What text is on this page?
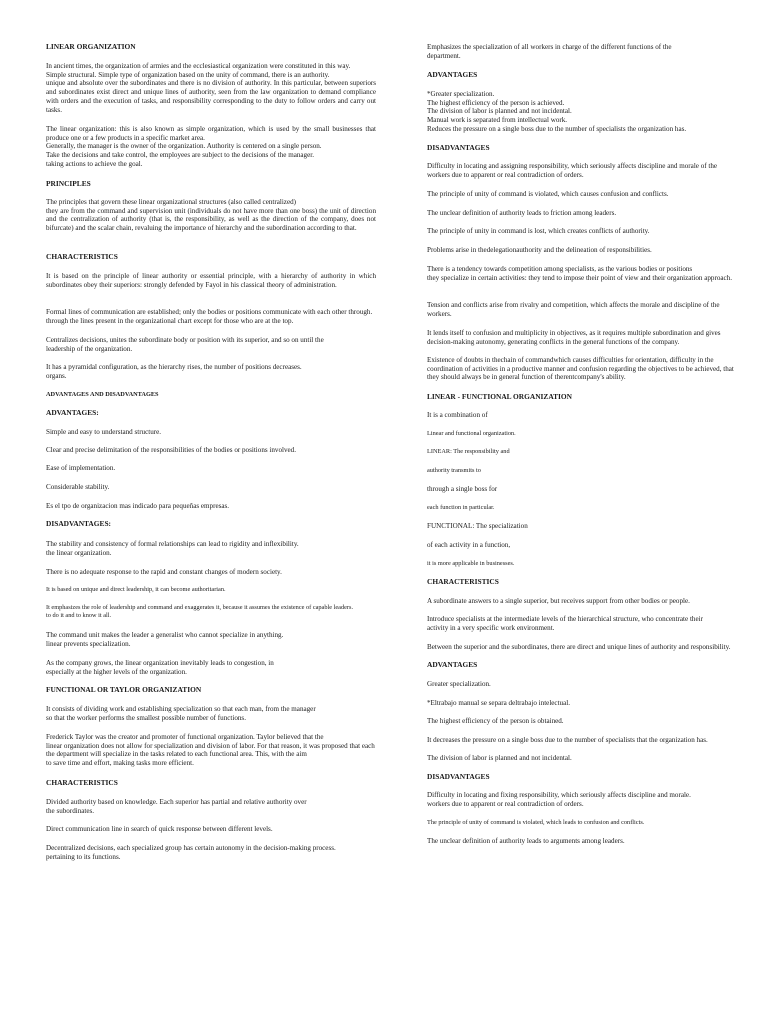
LINEAR ORGANIZATION
In ancient times, the organization of armies and the ecclesiastical organization were constituted in this way.
Simple structural. Simple type of organization based on the unity of command, there is an authority.
unique and absolute over the subordinates and there is no division of authority. In this particular, between superiors and subordinates exist direct and unique lines of authority, seen from the law organization to demand compliance with orders and the execution of tasks, and responsibility corresponding to the duty to follow orders and carry out tasks.
The linear organization: this is also known as simple organization, which is used by the small businesses that produce one or a few products in a specific market area.
Generally, the manager is the owner of the organization. Authority is centered on a single person.
Take the decisions and take control, the employees are subject to the decisions of the manager.
taking actions to achieve the goal.
PRINCIPLES
The principles that govern these linear organizational structures (also called centralized)
they are from the command and supervision unit (individuals do not have more than one boss) the unit of direction and the centralization of authority (that is, the responsibility, as well as the direction of the company, does not bifurcate) and the scalar chain, revaluing the importance of hierarchy and the subordination according to that.
CHARACTERISTICS
It is based on the principle of linear authority or essential principle, with a hierarchy of authority in which subordinates obey their superiors: strongly defended by Fayol in his classical theory of administration.
Formal lines of communication are established; only the bodies or positions communicate with each other through.
through the lines present in the organizational chart except for those who are at the top.
Centralizes decisions, unites the subordinate body or position with its superior, and so on until the
leadership of the organization.
It has a pyramidal configuration, as the hierarchy rises, the number of positions decreases.
organs.
ADVANTAGES AND DISADVANTAGES
ADVANTAGES:
Simple and easy to understand structure.
Clear and precise delimitation of the responsibilities of the bodies or positions involved.
Ease of implementation.
Considerable stability.
Es el tpo de organizacion mas indicado para pequeñas empresas.
DISADVANTAGES:
The stability and consistency of formal relationships can lead to rigidity and inflexibility.
the linear organization.
There is no adequate response to the rapid and constant changes of modern society.
It is based on unique and direct leadership, it can become authoritarian.
It emphasizes the role of leadership and command and exaggerates it, because it assumes the existence of capable leaders.
to do it and to know it all.
The command unit makes the leader a generalist who cannot specialize in anything.
linear prevents specialization.
As the company grows, the linear organization inevitably leads to congestion, in
especially at the higher levels of the organization.
FUNCTIONAL OR TAYLOR ORGANIZATION
It consists of dividing work and establishing specialization so that each man, from the manager
so that the worker performs the smallest possible number of functions.
Frederick Taylor was the creator and promoter of functional organization. Taylor believed that the
linear organization does not allow for specialization and division of labor. For that reason, it was proposed that each
the department will specialize in the tasks related to each functional area. This, with the aim
to save time and effort, making tasks more efficient.
CHARACTERISTICS
Divided authority based on knowledge. Each superior has partial and relative authority over
the subordinates.
Direct communication line in search of quick response between different levels.
Decentralized decisions, each specialized group has certain autonomy in the decision-making process.
pertaining to its functions.
Emphasizes the specialization of all workers in charge of the different functions of the
department.
ADVANTAGES
*Greater specialization.
The highest efficiency of the person is achieved.
The division of labor is planned and not incidental.
Manual work is separated from intellectual work.
Reduces the pressure on a single boss due to the number of specialists the organization has.
DISADVANTAGES
Difficulty in locating and assigning responsibility, which seriously affects discipline and morale of the workers due to apparent or real contradiction of orders.
The principle of unity of command is violated, which causes confusion and conflicts.
The unclear definition of authority leads to friction among leaders.
The principle of unity in command is lost, which creates conflicts of authority.
Problems arise in thedelegationauthority and the delineation of responsibilities.
There is a tendency towards competition among specialists, as the various bodies or positions
they specialize in certain activities: they tend to impose their point of view and their organization approach.
Tension and conflicts arise from rivalry and competition, which affects the morale and discipline of the workers.
It lends itself to confusion and multiplicity in objectives, as it requires multiple subordination and gives
decision-making autonomy, generating conflicts in the general functions of the company.
Existence of doubts in thechain of commandwhich causes difficulties for orientation, difficulty in the
coordination of activities in a productive manner and confusion regarding the objectives to be achieved, that
they should always be in general function of therentcompany's ability.
LINEAR - FUNCTIONAL ORGANIZATION
It is a combination of
Linear and functional organization.
LINEAR: The responsibility and
authority transmits to
through a single boss for
each function in particular.
FUNCTIONAL: The specialization
of each activity in a function,
it is more applicable in businesses.
CHARACTERISTICS
A subordinate answers to a single superior, but receives support from other bodies or people.
Introduce specialists at the intermediate levels of the hierarchical structure, who concentrate their
activity in a very specific work environment.
Between the superior and the subordinates, there are direct and unique lines of authority and responsibility.
ADVANTAGES
Greater specialization.
*Eltrabajo manual se separa deltrabajo intelectual.
The highest efficiency of the person is obtained.
It decreases the pressure on a single boss due to the number of specialists that the organization has.
The division of labor is planned and not incidental.
DISADVANTAGES
Difficulty in locating and fixing responsibility, which seriously affects discipline and morale.
workers due to apparent or real contradiction of orders.
The principle of unity of command is violated, which leads to confusion and conflicts.
The unclear definition of authority leads to arguments among leaders.
